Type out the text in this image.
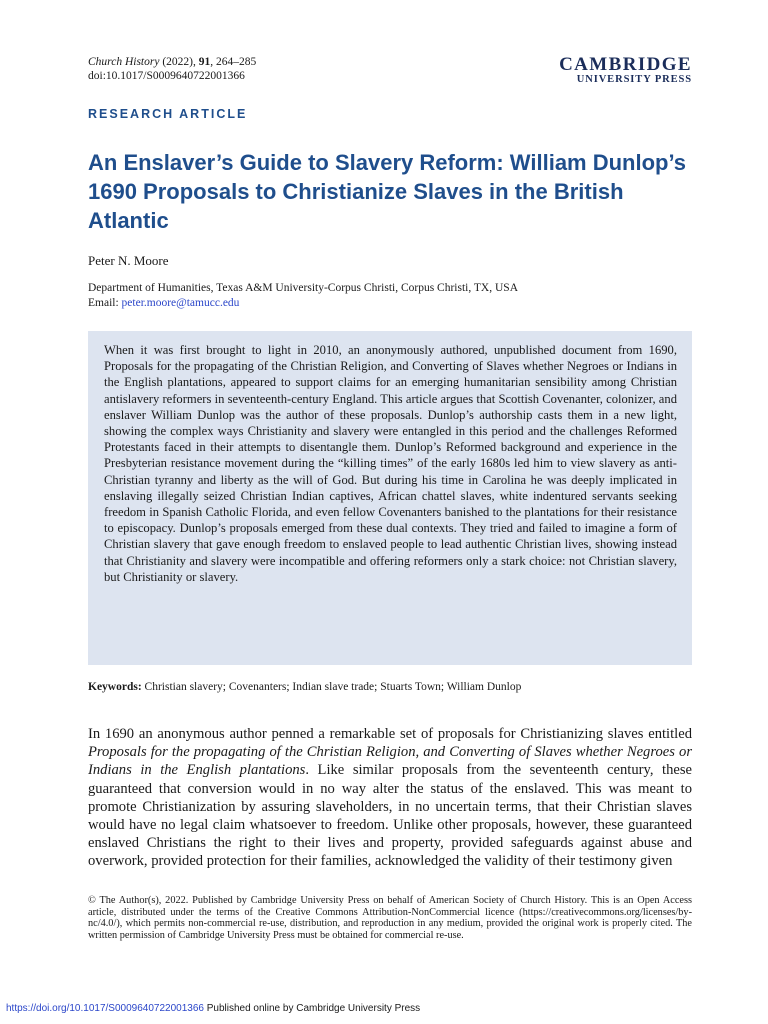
Church History (2022), 91, 264–285
doi:10.1017/S0009640722001366
CAMBRIDGE
UNIVERSITY PRESS
RESEARCH ARTICLE
An Enslaver’s Guide to Slavery Reform: William Dunlop’s 1690 Proposals to Christianize Slaves in the British Atlantic
Peter N. Moore
Department of Humanities, Texas A&M University-Corpus Christi, Corpus Christi, TX, USA
Email: peter.moore@tamucc.edu
When it was first brought to light in 2010, an anonymously authored, unpublished document from 1690, Proposals for the propagating of the Christian Religion, and Converting of Slaves whether Negroes or Indians in the English plantations, appeared to support claims for an emerging humanitarian sensibility among Christian antislavery reformers in seventeenth-century England. This article argues that Scottish Covenanter, colonizer, and enslaver William Dunlop was the author of these proposals. Dunlop’s authorship casts them in a new light, showing the complex ways Christianity and slavery were entangled in this period and the challenges Reformed Protestants faced in their attempts to disentangle them. Dunlop’s Reformed background and experience in the Presbyterian resistance movement during the “killing times” of the early 1680s led him to view slavery as anti-Christian tyranny and liberty as the will of God. But during his time in Carolina he was deeply implicated in enslaving illegally seized Christian Indian captives, African chattel slaves, white indentured servants seeking freedom in Spanish Catholic Florida, and even fellow Covenanters banished to the plantations for their resistance to episcopacy. Dunlop’s proposals emerged from these dual contexts. They tried and failed to imagine a form of Christian slavery that gave enough freedom to enslaved people to lead authentic Christian lives, showing instead that Christianity and slavery were incompatible and offering reformers only a stark choice: not Christian slavery, but Christianity or slavery.
Keywords: Christian slavery; Covenanters; Indian slave trade; Stuarts Town; William Dunlop
In 1690 an anonymous author penned a remarkable set of proposals for Christianizing slaves entitled Proposals for the propagating of the Christian Religion, and Converting of Slaves whether Negroes or Indians in the English plantations. Like similar proposals from the seventeenth century, these guaranteed that conversion would in no way alter the status of the enslaved. This was meant to promote Christianization by assuring slaveholders, in no uncertain terms, that their Christian slaves would have no legal claim whatsoever to freedom. Unlike other proposals, however, these guaranteed enslaved Christians the right to their lives and property, provided safeguards against abuse and overwork, provided protection for their families, acknowledged the validity of their testimony given
© The Author(s), 2022. Published by Cambridge University Press on behalf of American Society of Church History. This is an Open Access article, distributed under the terms of the Creative Commons Attribution-NonCommercial licence (https://creativecommons.org/licenses/by-nc/4.0/), which permits non-commercial re-use, distribution, and reproduction in any medium, provided the original work is properly cited. The written permission of Cambridge University Press must be obtained for commercial re-use.
https://doi.org/10.1017/S0009640722001366 Published online by Cambridge University Press
